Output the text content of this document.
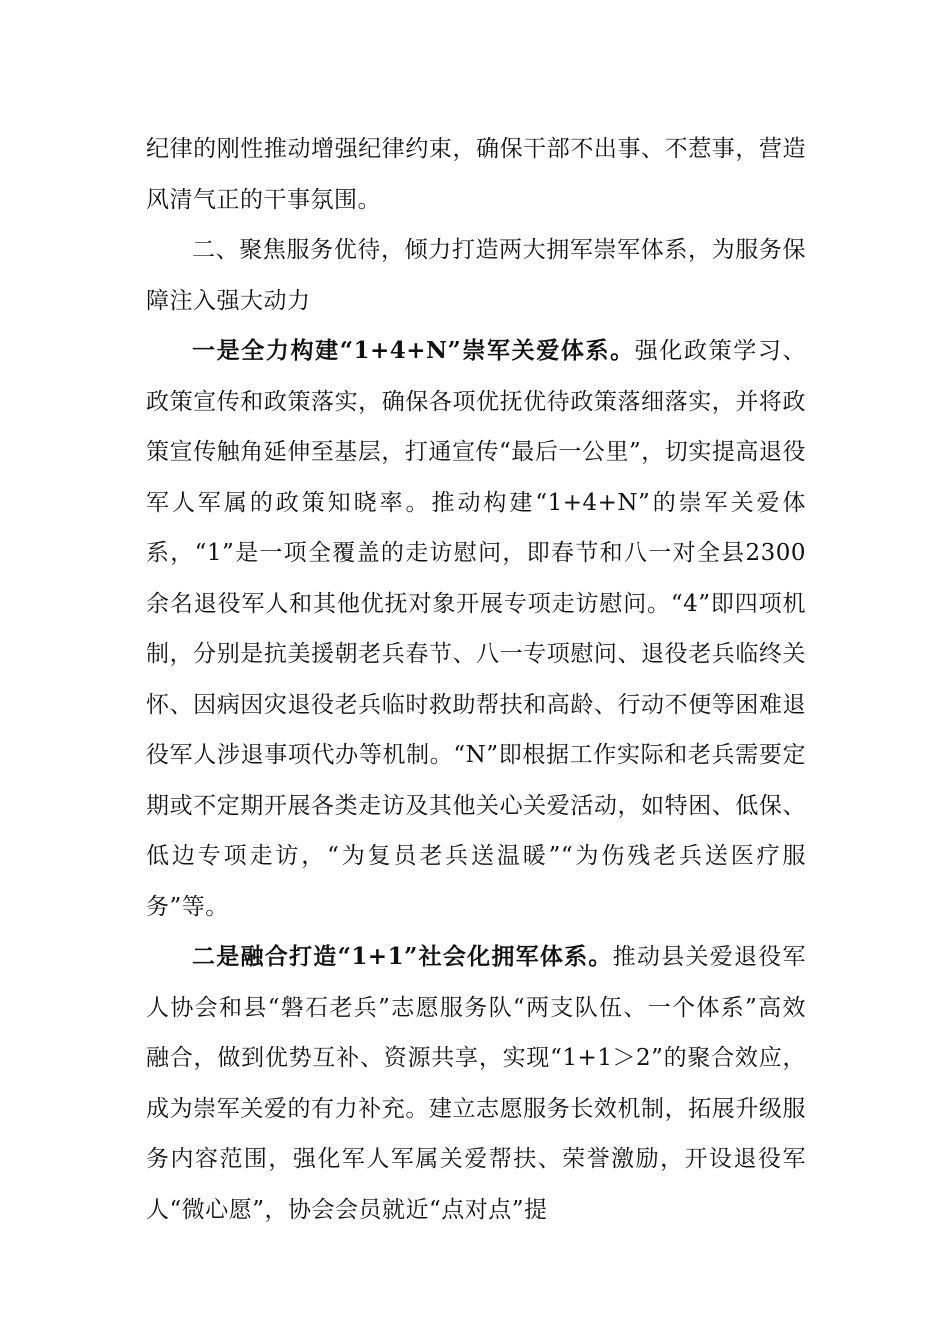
纪律的刚性推动增强纪律约束，确保干部不出事、不惹事，营造风清气正的干事氛围。

二、聚焦服务优待，倾力打造两大拥军崇军体系，为服务保障注入强大动力

一是全力构建“1+4+N”崇军关爱体系。强化政策学习、政策宣传和政策落实，确保各项优抚优待政策落细落实，并将政策宣传触角延伸至基层，打通宣传“最后一公里”，切实提高退役军人军属的政策知晓率。推动构建“1+4+N”的崇军关爱体系，“1”是一项全覆盖的走访慰问，即春节和八一对全县2300余名退役军人和其他优抚对象开展专项走访慰问。“4”即四项机制，分别是抗美援朝老兵春节、八一专项慰问、退役老兵临终关怀、因病因灾退役老兵临时救助帮扶和高龄、行动不便等困难退役军人涉退事项代办等机制。“N”即根据工作实际和老兵需要定期或不定期开展各类走访及其他关心关爱活动，如特困、低保、低边专项走访，“为复员老兵送温暖”“为伤残老兵送医疗服务”等。

二是融合打造“1+1”社会化拥军体系。推动县关爱退役军人协会和县“磐石老兵”志愿服务队“两支队伍、一个体系”高效融合，做到优势互补、资源共享，实现“1+1＞2”的聚合效应，成为崇军关爱的有力补充。建立志愿服务长效机制，拓展升级服务内容范围，强化军人军属关爱帮扶、荣誉激励，开设退役军人“微心愿”，协会会员就近“点对点”提
